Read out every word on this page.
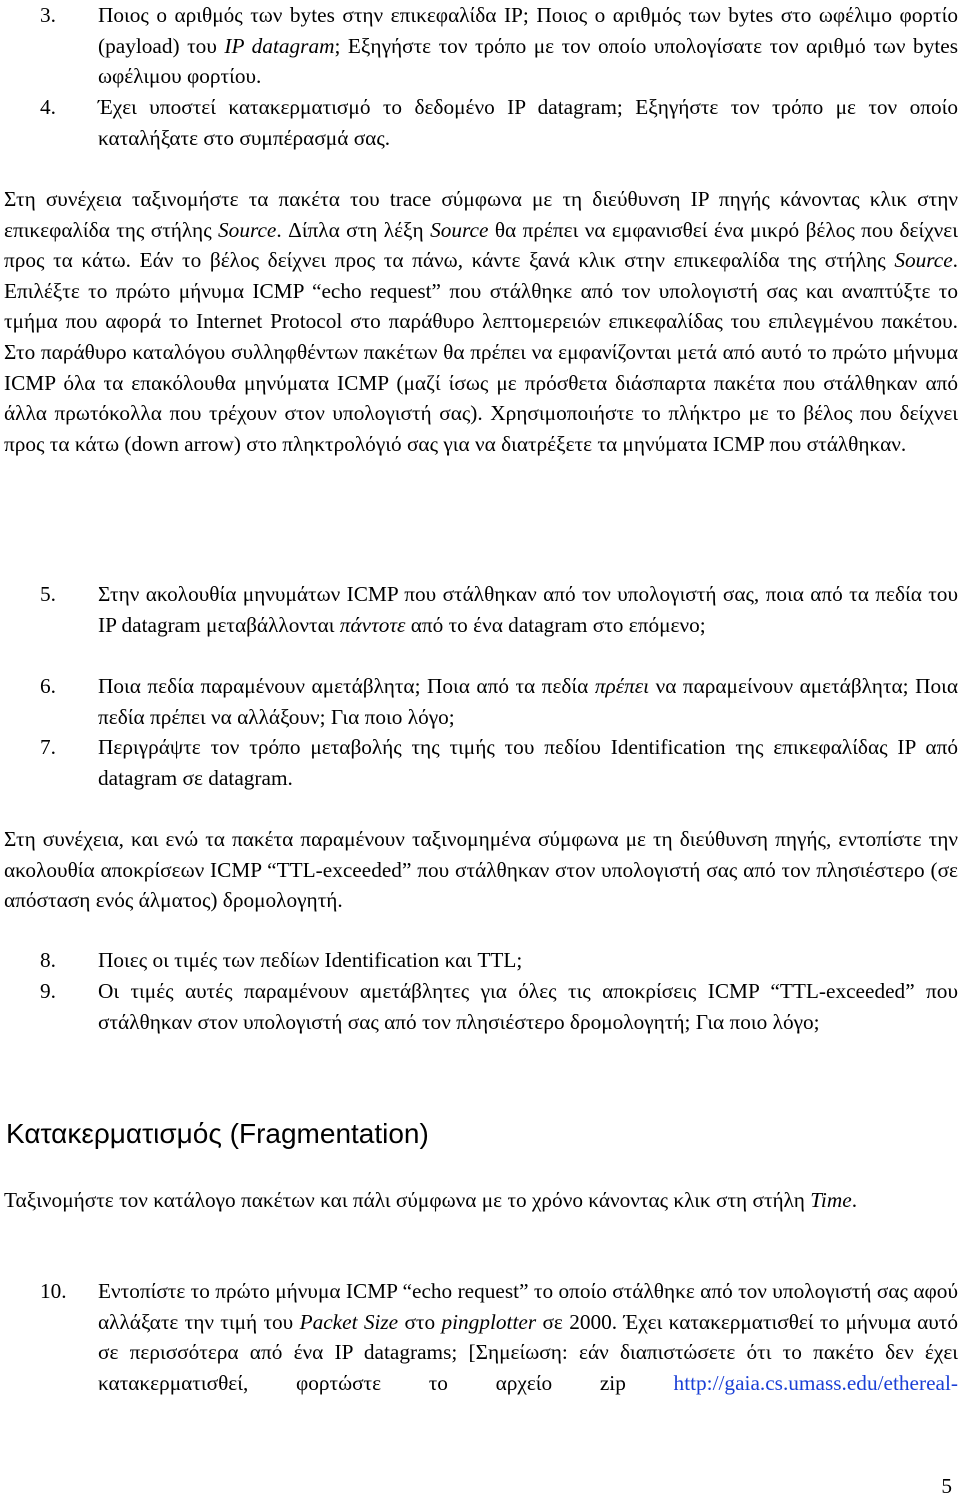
3. Ποιος ο αριθμός των bytes στην επικεφαλίδα IP; Ποιος ο αριθμός των bytes στο ωφέλιμο φορτίο (payload) του IP datagram; Εξηγήστε τον τρόπο με τον οποίο υπολογίσατε τον αριθμό των bytes ωφέλιμου φορτίου.
4. Έχει υποστεί κατακερματισμό το δεδομένο IP datagram; Εξηγήστε τον τρόπο με τον οποίο καταλήξατε στο συμπέρασμά σας.

Στη συνέχεια ταξινομήστε τα πακέτα του trace σύμφωνα με τη διεύθυνση IP πηγής κάνοντας κλικ στην επικεφαλίδα της στήλης Source. Δίπλα στη λέξη Source θα πρέπει να εμφανισθεί ένα μικρό βέλος που δείχνει προς τα κάτω. Εάν το βέλος δείχνει προς τα πάνω, κάντε ξανά κλικ στην επικεφαλίδα της στήλης Source. Επιλέξτε το πρώτο μήνυμα ICMP “echo request” που στάλθηκε από τον υπολογιστή σας και αναπτύξτε το τμήμα που αφορά το Internet Protocol στο παράθυρο λεπτομερειών επικεφαλίδας του επιλεγμένου πακέτου. Στο παράθυρο καταλόγου συλληφθέντων πακέτων θα πρέπει να εμφανίζονται μετά από αυτό το πρώτο μήνυμα ICMP όλα τα επακόλουθα μηνύματα ICMP (μαζί ίσως με πρόσθετα διάσπαρτα πακέτα που στάλθηκαν από άλλα πρωτόκολλα που τρέχουν στον υπολογιστή σας). Χρησιμοποιήστε το πλήκτρο με το βέλος που δείχνει προς τα κάτω (down arrow) στο πληκτρολόγιό σας για να διατρέξετε τα μηνύματα ICMP που στάλθηκαν.

5. Στην ακολουθία μηνυμάτων ICMP που στάλθηκαν από τον υπολογιστή σας, ποια από τα πεδία του IP datagram μεταβάλλονται πάντοτε από το ένα datagram στο επόμενο;
6. Ποια πεδία παραμένουν αμετάβλητα; Ποια από τα πεδία πρέπει να παραμείνουν αμετάβλητα; Ποια πεδία πρέπει να αλλάξουν; Για ποιο λόγο;
7. Περιγράψτε τον τρόπο μεταβολής της τιμής του πεδίου Identification της επικεφαλίδας IP από datagram σε datagram.

Στη συνέχεια, και ενώ τα πακέτα παραμένουν ταξινομημένα σύμφωνα με τη διεύθυνση πηγής, εντοπίστε την ακολουθία αποκρίσεων ICMP “TTL-exceeded” που στάλθηκαν στον υπολογιστή σας από τον πλησιέστερο (σε απόσταση ενός άλματος) δρομολογητή.

8. Ποιες οι τιμές των πεδίων Identification και TTL;
9. Οι τιμές αυτές παραμένουν αμετάβλητες για όλες τις αποκρίσεις ICMP “TTL-exceeded” που στάλθηκαν στον υπολογιστή σας από τον πλησιέστερο δρομολογητή; Για ποιο λόγο;
Κατακερματισμός (Fragmentation)

Ταξινομήστε τον κατάλογο πακέτων και πάλι σύμφωνα με το χρόνο κάνοντας κλικ στη στήλη Time.

10. Εντοπίστε το πρώτο μήνυμα ICMP “echo request” το οποίο στάλθηκε από τον υπολογιστή σας αφού αλλάξατε την τιμή του Packet Size στο pingplotter σε 2000. Έχει κατακερματισθεί το μήνυμα αυτό σε περισσότερα από ένα IP datagrams; [Σημείωση: εάν διαπιστώσετε ότι το πακέτο δεν έχει κατακερματισθεί, φορτώστε το αρχείο zip http://gaia.cs.umass.edu/ethereal-
5
